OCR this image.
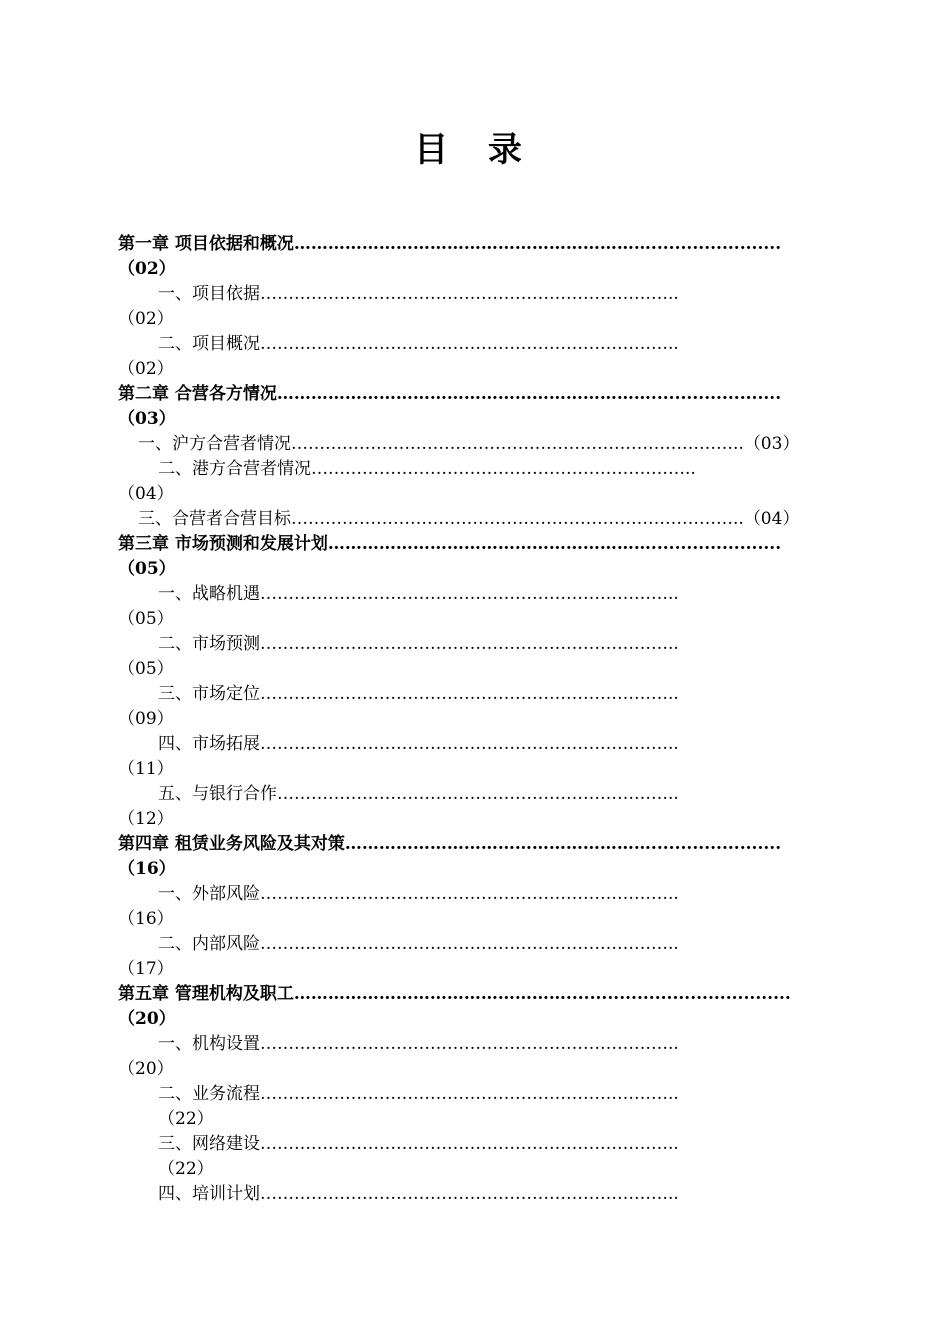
目 录
第一章 项目依据和概况………………………………………………………......................
（02）
一、项目依据………………………………………………………………..
（02）
二、项目概况………………………………………………………………..
（02）
第二章 合营各方情况…………………………………………………………......................
（03）
一、沪方合营者情况……………………………………………………………………..（03）
二、港方合营者情况…………………………………………………………..
（04）
三、合营者合营目标……………………………………………………………………..（04）
第三章 市场预测和发展计划…………………………………………………......................
（05）
一、战略机遇………………………………………………………………..
（05）
二、市场预测………………………………………………………………..
（05）
三、市场定位………………………………………………………………..
（09）
四、市场拓展………………………………………………………………..
（11）
五、与银行合作……………………………………………………………..
（12）
第四章 租赁业务风险及其对策………………………………………………......................
（16）
一、外部风险………………………………………………………………..
（16）
二、内部风险………………………………………………………………..
（17）
第五章 管理机构及职工…………………………………………......................................
（20）
一、机构设置………………………………………………………………..
（20）
二、业务流程………………………………………………………………..
（22）
三、网络建设………………………………………………………………..
（22）
四、培训计划………………………………………………………………..
